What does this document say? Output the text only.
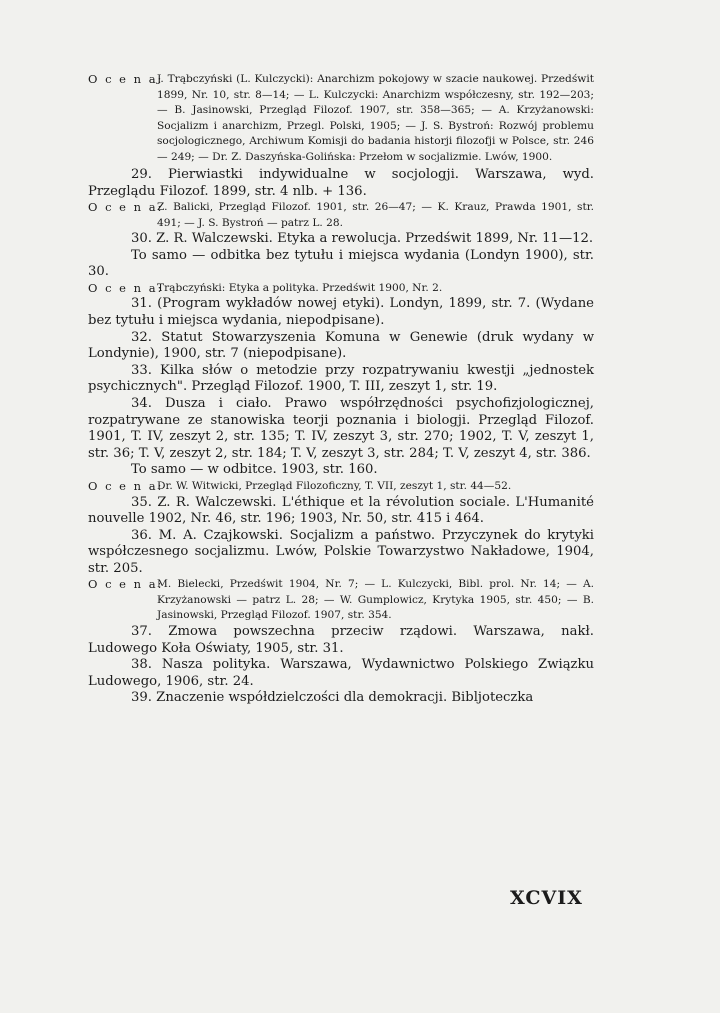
O c e n a:
J. Trąbczyński (L. Kulczycki): Anarchizm pokojowy w szacie naukowej. Przedświt 1899, Nr. 10, str. 8—14; — L. Kulczycki: Anarchizm współczesny, str. 192—203; — B. Jasinowski, Przegląd Filozof. 1907, str. 358—365; — A. Krzyżanowski: Socjalizm i anarchizm, Przegl. Polski, 1905; — J. S. Bystroń: Rozwój problemu socjologicznego, Archiwum Komisji do badania historji filozofji w Polsce, str. 246 — 249; — Dr. Z. Daszyńska-Golińska: Przełom w socjalizmie. Lwów, 1900.

29. Pierwiastki indywidualne w socjologji. Warszawa, wyd. Przeglądu Filozof. 1899, str. 4 nlb. + 136.

O c e n a:
Z. Balicki, Przegląd Filozof. 1901, str. 26—47; — K. Krauz, Prawda 1901, str. 491; — J. S. Bystroń — patrz L. 28.

30. Z. R. Walczewski. Etyka a rewolucja. Przedświt 1899, Nr. 11—12.

To samo — odbitka bez tytułu i miejsca wydania (Londyn 1900), str. 30.

O c e n a:
Trąbczyński: Etyka a polityka. Przedświt 1900, Nr. 2.

31. (Program wykładów nowej etyki). Londyn, 1899, str. 7. (Wydane bez tytułu i miejsca wydania, niepodpisane).

32. Statut Stowarzyszenia Komuna w Genewie (druk wydany w Londynie), 1900, str. 7 (niepodpisane).

33. Kilka słów o metodzie przy rozpatrywaniu kwestji „jednostek psychicznych". Przegląd Filozof. 1900, T. III, zeszyt 1, str. 19.

34. Dusza i ciało. Prawo współrzędności psychofizjologicznej, rozpatrywane ze stanowiska teorji poznania i biologji. Przegląd Filozof. 1901, T. IV, zeszyt 2, str. 135; T. IV, zeszyt 3, str. 270; 1902, T. V, zeszyt 1, str. 36; T. V, zeszyt 2, str. 184; T. V, zeszyt 3, str. 284; T. V, zeszyt 4, str. 386.

To samo — w odbitce. 1903, str. 160.

O c e n a:
Dr. W. Witwicki, Przegląd Filozoficzny, T. VII, zeszyt 1, str. 44—52.

35. Z. R. Walczewski. L'éthique et la révolution sociale. L'Humanité nouvelle 1902, Nr. 46, str. 196; 1903, Nr. 50, str. 415 i 464.

36. M. A. Czajkowski. Socjalizm a państwo. Przyczynek do krytyki współczesnego socjalizmu. Lwów, Polskie Towarzystwo Nakładowe, 1904, str. 205.

O c e n a:
M. Bielecki, Przedświt 1904, Nr. 7; — L. Kulczycki, Bibl. prol. Nr. 14; — A. Krzyżanowski — patrz L. 28; — W. Gumplowicz, Krytyka 1905, str. 450; — B. Jasinowski, Przegląd Filozof. 1907, str. 354.

37. Zmowa powszechna przeciw rządowi. Warszawa, nakł. Ludowego Koła Oświaty, 1905, str. 31.

38. Nasza polityka. Warszawa, Wydawnictwo Polskiego Związku Ludowego, 1906, str. 24.

39. Znaczenie współdzielczości dla demokracji. Bibljoteczka

XCVIX
